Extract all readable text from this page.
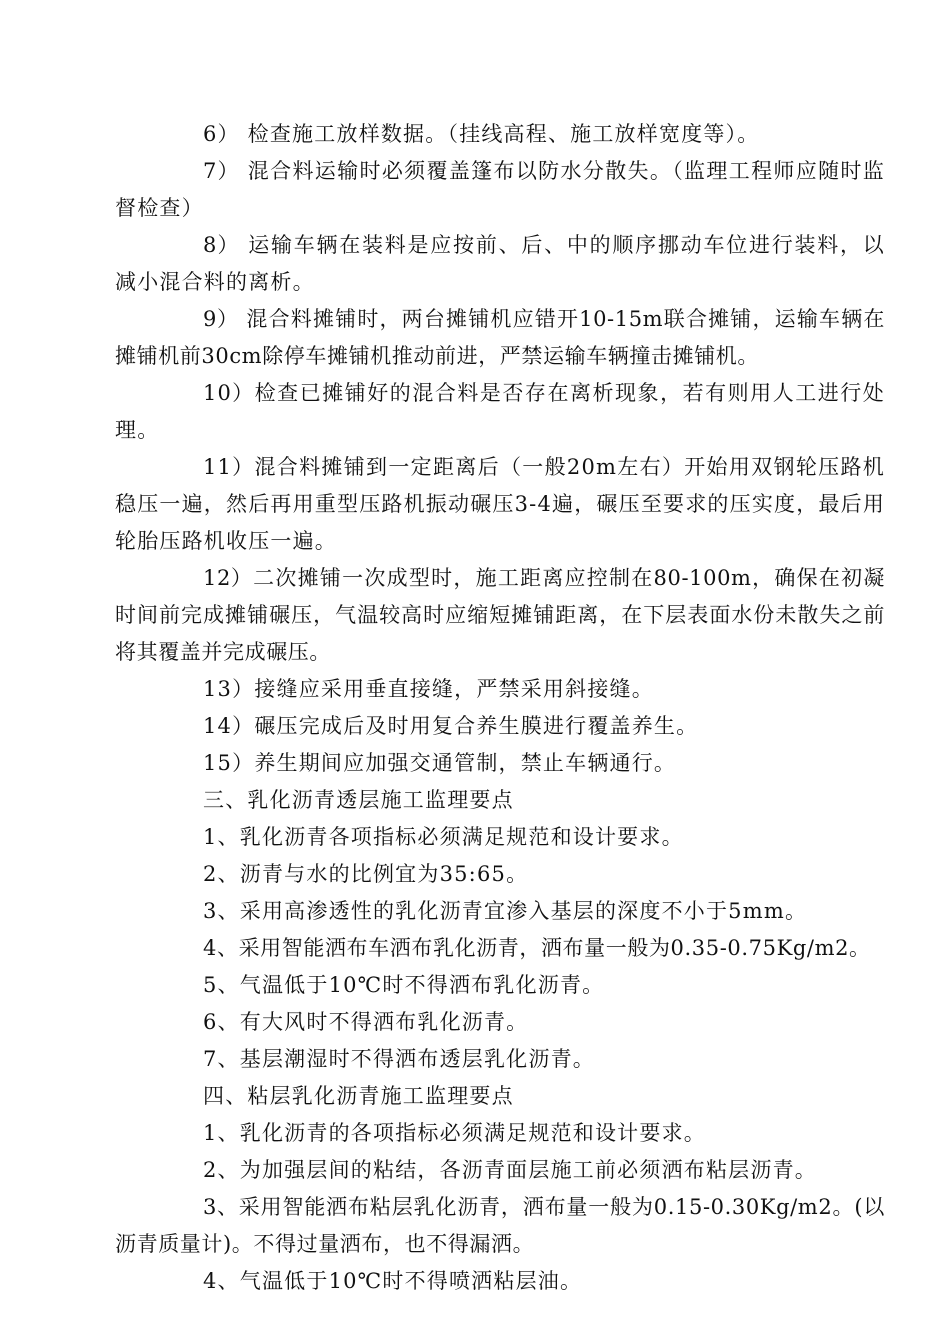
6） 检查施工放样数据。（挂线高程、施工放样宽度等）。

7） 混合料运输时必须覆盖篷布以防水分散失。（监理工程师应随时监督检查）

8） 运输车辆在装料是应按前、后、中的顺序挪动车位进行装料，以减小混合料的离析。

9） 混合料摊铺时，两台摊铺机应错开10-15m联合摊铺，运输车辆在摊铺机前30cm除停车摊铺机推动前进，严禁运输车辆撞击摊铺机。

10）检查已摊铺好的混合料是否存在离析现象，若有则用人工进行处理。

11）混合料摊铺到一定距离后（一般20m左右）开始用双钢轮压路机稳压一遍，然后再用重型压路机振动碾压3-4遍，碾压至要求的压实度，最后用轮胎压路机收压一遍。

12）二次摊铺一次成型时，施工距离应控制在80-100m，确保在初凝时间前完成摊铺碾压，气温较高时应缩短摊铺距离，在下层表面水份未散失之前将其覆盖并完成碾压。

13）接缝应采用垂直接缝，严禁采用斜接缝。

14）碾压完成后及时用复合养生膜进行覆盖养生。

15）养生期间应加强交通管制，禁止车辆通行。

三、乳化沥青透层施工监理要点

1、乳化沥青各项指标必须满足规范和设计要求。

2、沥青与水的比例宜为35:65。

3、采用高渗透性的乳化沥青宜渗入基层的深度不小于5mm。

4、采用智能洒布车洒布乳化沥青，洒布量一般为0.35-0.75Kg/m2。

5、气温低于10℃时不得洒布乳化沥青。

6、有大风时不得洒布乳化沥青。

7、基层潮湿时不得洒布透层乳化沥青。

四、粘层乳化沥青施工监理要点

1、乳化沥青的各项指标必须满足规范和设计要求。

2、为加强层间的粘结，各沥青面层施工前必须洒布粘层沥青。

3、采用智能洒布粘层乳化沥青，洒布量一般为0.15-0.30Kg/m2。(以沥青质量计)。不得过量洒布，也不得漏洒。

4、气温低于10℃时不得喷洒粘层油。
